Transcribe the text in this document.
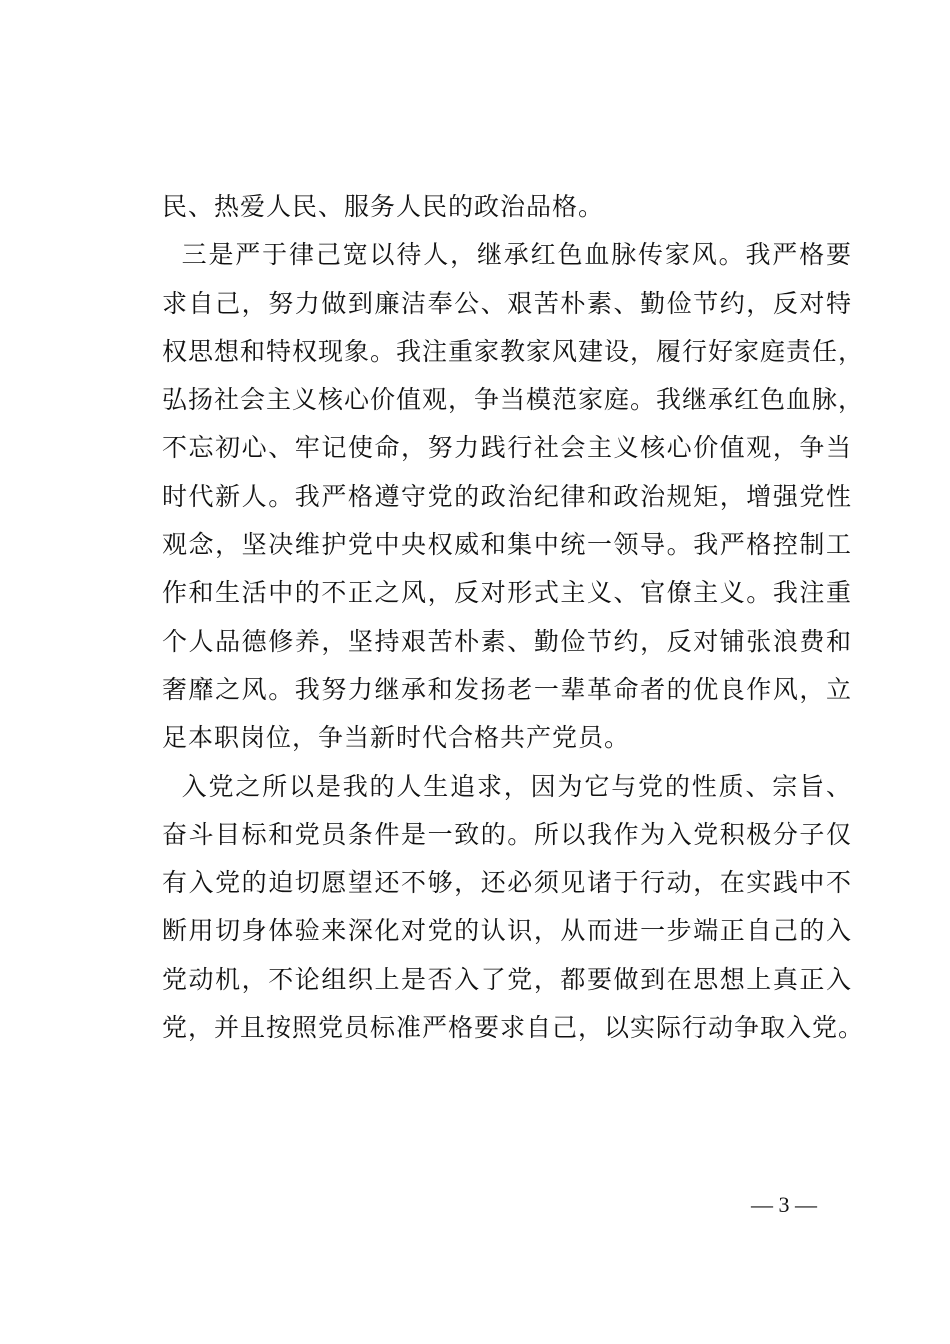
民、热爱人民、服务人民的政治品格。
三是严于律己宽以待人，继承红色血脉传家风。我严格要
求自己，努力做到廉洁奉公、艰苦朴素、勤俭节约，反对特
权思想和特权现象。我注重家教家风建设，履行好家庭责任，
弘扬社会主义核心价值观，争当模范家庭。我继承红色血脉，
不忘初心、牢记使命，努力践行社会主义核心价值观，争当
时代新人。我严格遵守党的政治纪律和政治规矩，增强党性
观念，坚决维护党中央权威和集中统一领导。我严格控制工
作和生活中的不正之风，反对形式主义、官僚主义。我注重
个人品德修养，坚持艰苦朴素、勤俭节约，反对铺张浪费和
奢靡之风。我努力继承和发扬老一辈革命者的优良作风，立
足本职岗位，争当新时代合格共产党员。
入党之所以是我的人生追求，因为它与党的性质、宗旨、
奋斗目标和党员条件是一致的。所以我作为入党积极分子仅
有入党的迫切愿望还不够，还必须见诸于行动，在实践中不
断用切身体验来深化对党的认识，从而进一步端正自己的入
党动机，不论组织上是否入了党，都要做到在思想上真正入
党，并且按照党员标准严格要求自己，以实际行动争取入党。
— 3 —
